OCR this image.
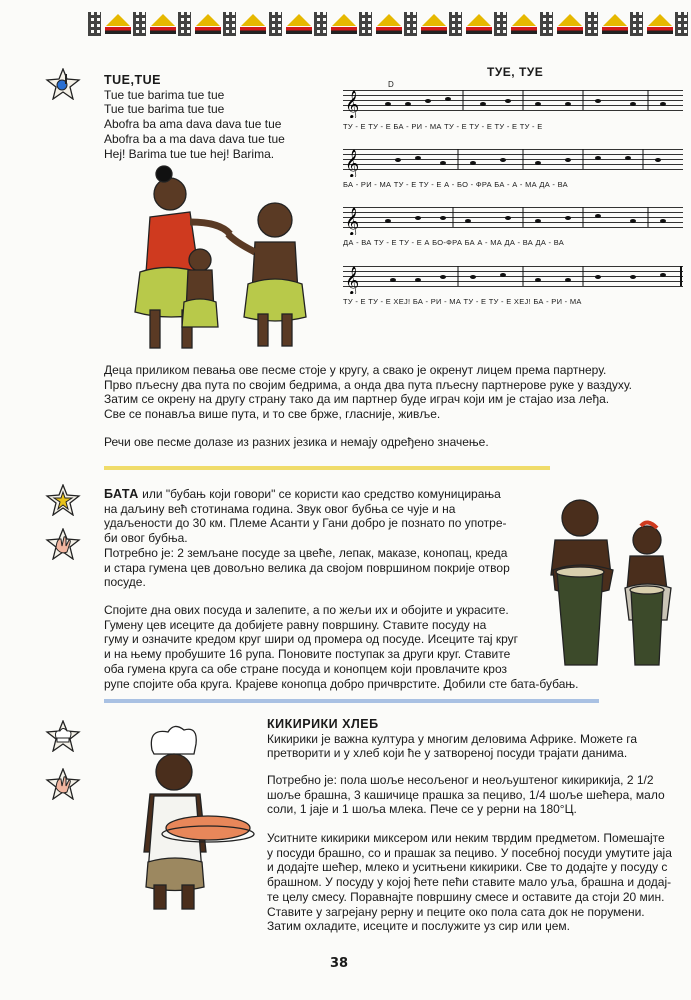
TUE,TUE

Tue tue barima tue tue

Tue tue barima tue tue

Abofra ba ama dava dava tue tue

Abofra ba a ma dava dava tue tue

Hej! Barima tue tue hej! Barima.

ТУЕ, ТУЕ
D
𝄞
ТУ - Е ТУ - Е БА - РИ - МА ТУ - Е ТУ - Е ТУ - Е ТУ - Е
𝄞
БА - РИ - МА ТУ - Е ТУ - Е А - БО - ФРА БА - А - МА ДА - ВА
𝄞
ДА - ВА ТУ - Е ТУ - Е А БО-ФРА БА А - МА ДА - ВА ДА - ВА
𝄞
ТУ - Е ТУ - Е ХЕЈ! БА - РИ - МА ТУ - Е ТУ - Е ХЕЈ! БА - РИ - МА

Деца приликом певања ове песме стоје у кругу, а свако је окренут лицем према партнеру.

Прво пљесну два пута по својим бедрима, а онда два пута пљесну партнерове руке у ваздуху.

Затим се окрену на другу страну тако да им партнер буде играч који им је стајао иза леђа.

Све се понавља више пута, и то све брже, гласније, живље.

Речи ове песме долазе из разних језика и немају одређено значење.

БАТА или "бубањ који говори" се користи као средство комуницирања

на даљину већ стотинама година. Звук овог бубња се чује и на

удаљености до 30 км. Племе Асанти у Гани добро је познато по употре-

би овог бубња.

Потребно је: 2 земљане посуде за цвеће, лепак, маказе, конопац, креда

и стара гумена цев довољно велика да својом површином покрије отвор

посуде.

Спојите дна ових посуда и залепите, а по жељи их и обојите и украсите.

Гумену цев исеците да добијете равну површину. Ставите посуду на

гуму и означите кредом круг шири од промера од посуде. Исеците тај круг

и на њему пробушите 16 рупа. Поновите поступак за други круг. Ставите

оба гумена круга са обе стране посуда и конопцем који провлачите кроз

рупе спојите оба круга. Крајеве конопца добро причврстите. Добили сте бата-бубањ.

КИКИРИКИ ХЛЕБ

Кикирики је важна култура у многим деловима Африке. Можете га

претворити и у хлеб који ће у затвореној посуди трајати данима.

Потребно је: пола шоље несољеног и неољуштеног кикирикија, 2 1/2

шоље брашна, 3 кашичице прашка за пециво, 1/4 шоље шећера, мало

соли, 1 јаје и 1 шоља млека. Пече се у рерни на 180°Ц.

Уситните кикирики миксером или неким тврдим предметом. Помешајте

у посуди брашно, со и прашак за пециво. У посебној посуди умутите јаја

и додајте шећер, млеко и уситњени кикирики. Све то додајте у посуду с

брашном. У посуду у којој ћете пећи ставите мало уља, брашна и додај-

те целу смесу. Поравнајте површину смесе и оставите да стоји 20 мин.

Ставите у загрејану рерну и пеците око пола сата док не порумени.

Затим охладите, исеците и послужите уз сир или џем.

38
